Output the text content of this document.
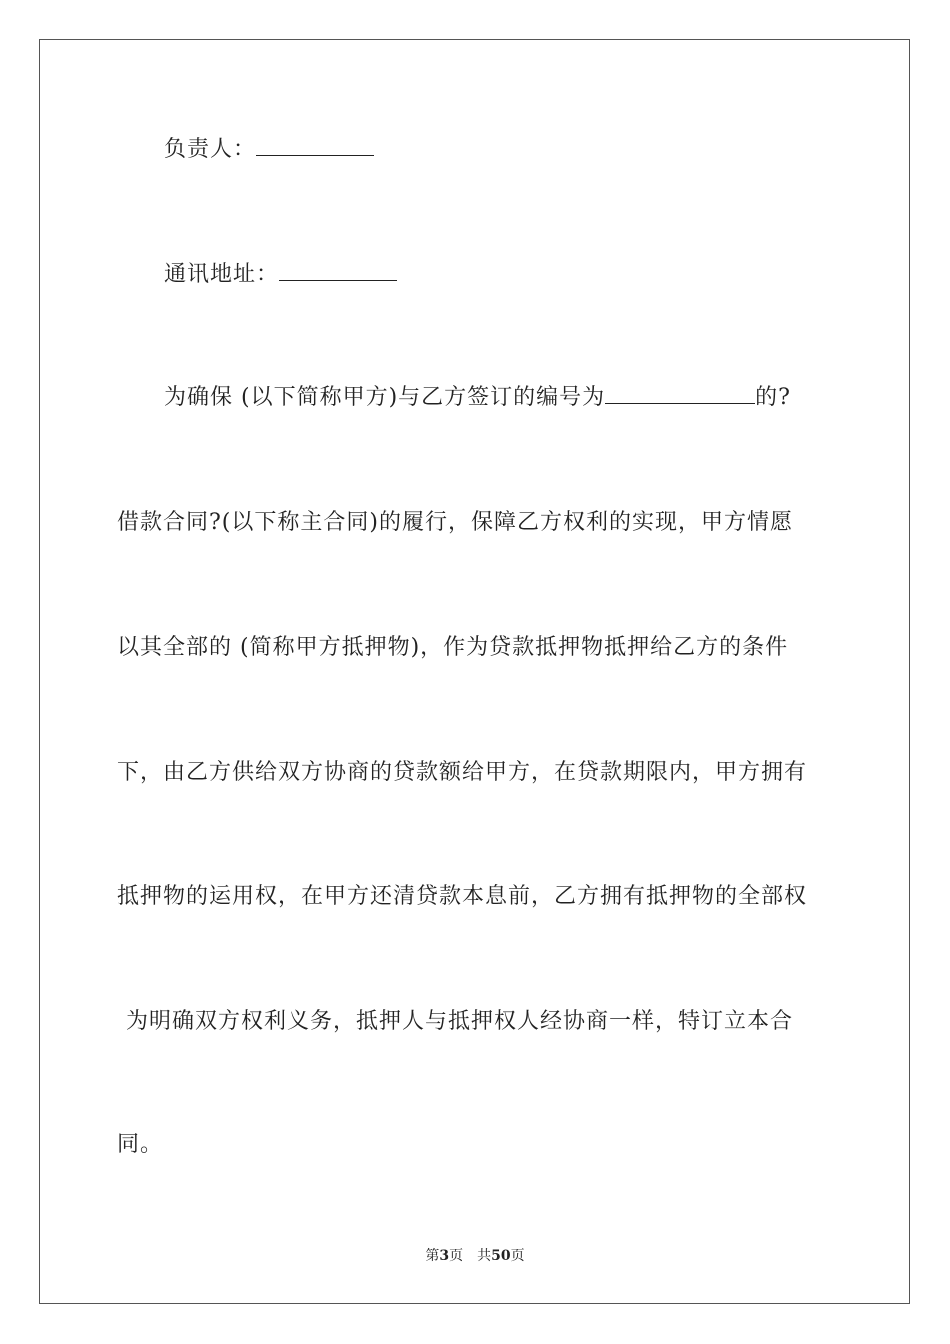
负责人：
通讯地址：
为确保 (以下简称甲方)与乙方签订的编号为	的?
借款合同?(以下称主合同)的履行，保障乙方权利的实现，甲方情愿
以其全部的 (简称甲方抵押物)，作为贷款抵押物抵押给乙方的条件
下，由乙方供给双方协商的贷款额给甲方，在贷款期限内，甲方拥有
抵押物的运用权，在甲方还清贷款本息前，乙方拥有抵押物的全部权
为明确双方权利义务，抵押人与抵押权人经协商一样，特订立本合
同。
第3页　共50页
